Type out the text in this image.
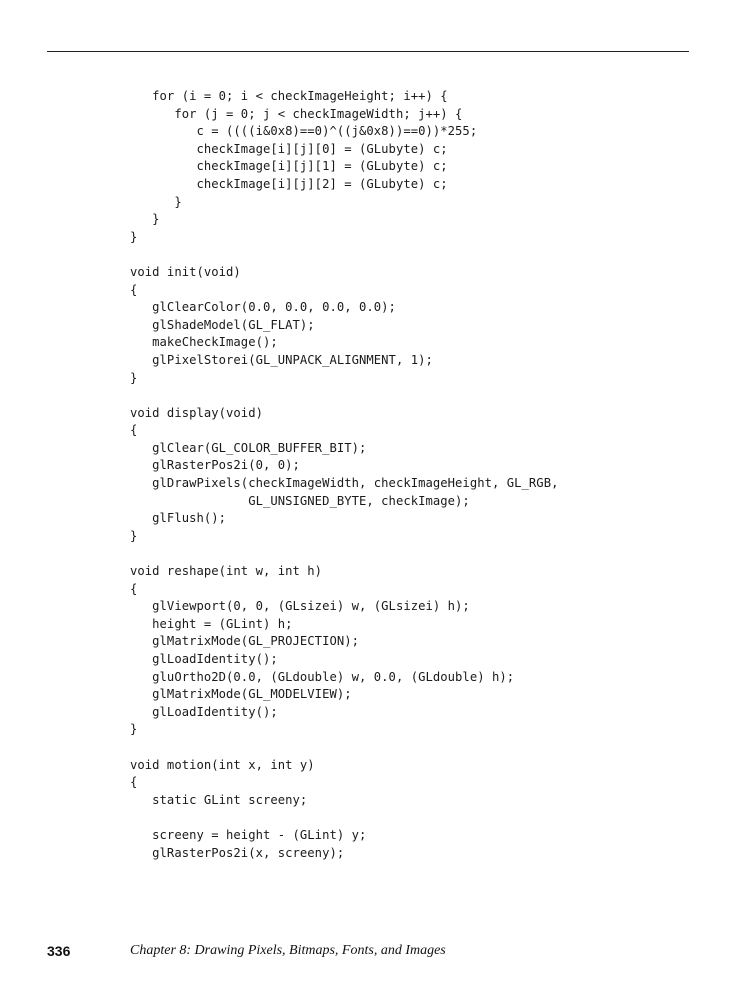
for (i = 0; i < checkImageHeight; i++) {
for (j = 0; j < checkImageWidth; j++) {
c = ((((i&0x8)==0)^((j&0x8))==0))*255;
checkImage[i][j][0] = (GLubyte) c;
checkImage[i][j][1] = (GLubyte) c;
checkImage[i][j][2] = (GLubyte) c;
}
}
}
void init(void)
{
glClearColor(0.0, 0.0, 0.0, 0.0);
glShadeModel(GL_FLAT);
makeCheckImage();
glPixelStorei(GL_UNPACK_ALIGNMENT, 1);
}
void display(void)
{
glClear(GL_COLOR_BUFFER_BIT);
glRasterPos2i(0, 0);
glDrawPixels(checkImageWidth, checkImageHeight, GL_RGB,
GL_UNSIGNED_BYTE, checkImage);
glFlush();
}
void reshape(int w, int h)
{
glViewport(0, 0, (GLsizei) w, (GLsizei) h);
height = (GLint) h;
glMatrixMode(GL_PROJECTION);
glLoadIdentity();
gluOrtho2D(0.0, (GLdouble) w, 0.0, (GLdouble) h);
glMatrixMode(GL_MODELVIEW);
glLoadIdentity();
}
void motion(int x, int y)
{
static GLint screeny;
screeny = height - (GLint) y;
glRasterPos2i(x, screeny);
336	Chapter 8: Drawing Pixels, Bitmaps, Fonts, and Images
